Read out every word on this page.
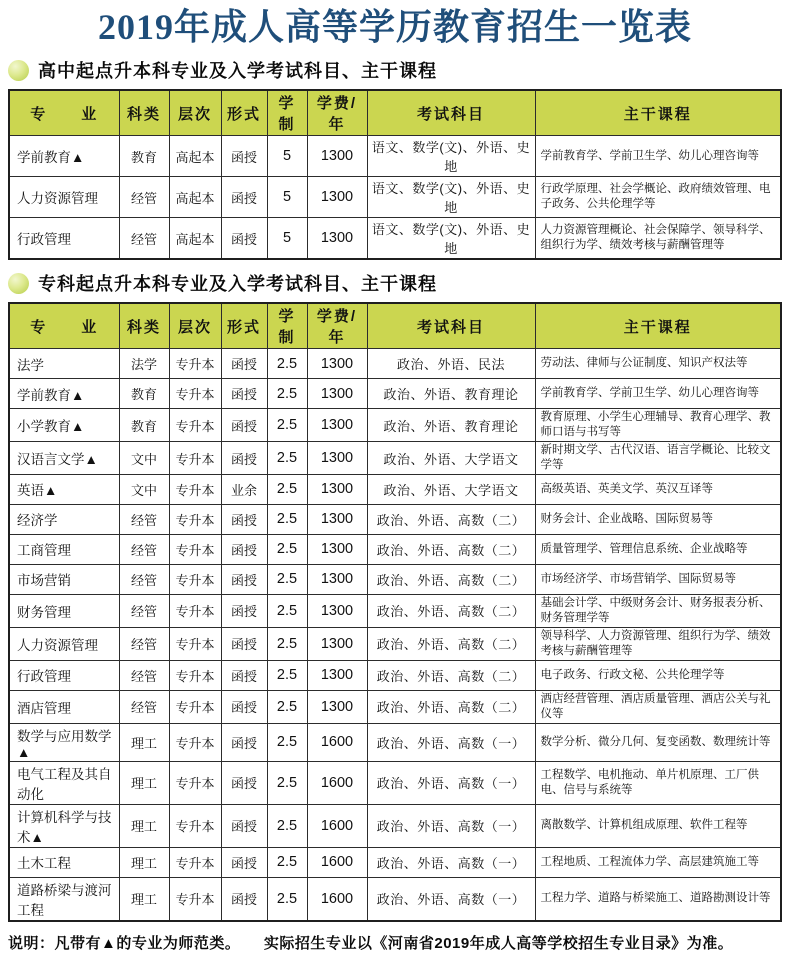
2019年成人高等学历教育招生一览表
高中起点升本科专业及入学考试科目、主干课程
专　　业	科类	层次	形式	学制	学费/年	考试科目	主干课程
学前教育▲	教育	高起本	函授	5	1300	语文、数学(文)、外语、史地	学前教育学、学前卫生学、幼儿心理咨询等
人力资源管理	经管	高起本	函授	5	1300	语文、数学(文)、外语、史地	行政学原理、社会学概论、政府绩效管理、电子政务、公共伦理学等
行政管理	经管	高起本	函授	5	1300	语文、数学(文)、外语、史地	人力资源管理概论、社会保障学、领导科学、组织行为学、绩效考核与薪酬管理等
专科起点升本科专业及入学考试科目、主干课程
专　　业	科类	层次	形式	学制	学费/年	考试科目	主干课程
法学	法学	专升本	函授	2.5	1300	政治、外语、民法	劳动法、律师与公证制度、知识产权法等
学前教育▲	教育	专升本	函授	2.5	1300	政治、外语、教育理论	学前教育学、学前卫生学、幼儿心理咨询等
小学教育▲	教育	专升本	函授	2.5	1300	政治、外语、教育理论	教育原理、小学生心理辅导、教育心理学、教师口语与书写等
汉语言文学▲	文中	专升本	函授	2.5	1300	政治、外语、大学语文	新时期文学、古代汉语、语言学概论、比较文学等
英语▲	文中	专升本	业余	2.5	1300	政治、外语、大学语文	高级英语、英美文学、英汉互译等
经济学	经管	专升本	函授	2.5	1300	政治、外语、高数（二）	财务会计、企业战略、国际贸易等
工商管理	经管	专升本	函授	2.5	1300	政治、外语、高数（二）	质量管理学、管理信息系统、企业战略等
市场营销	经管	专升本	函授	2.5	1300	政治、外语、高数（二）	市场经济学、市场营销学、国际贸易等
财务管理	经管	专升本	函授	2.5	1300	政治、外语、高数（二）	基础会计学、中级财务会计、财务报表分析、财务管理学等
人力资源管理	经管	专升本	函授	2.5	1300	政治、外语、高数（二）	领导科学、人力资源管理、组织行为学、绩效考核与薪酬管理等
行政管理	经管	专升本	函授	2.5	1300	政治、外语、高数（二）	电子政务、行政文秘、公共伦理学等
酒店管理	经管	专升本	函授	2.5	1300	政治、外语、高数（二）	酒店经营管理、酒店质量管理、酒店公关与礼仪等
数学与应用数学▲	理工	专升本	函授	2.5	1600	政治、外语、高数（一）	数学分析、微分几何、复变函数、数理统计等
电气工程及其自动化	理工	专升本	函授	2.5	1600	政治、外语、高数（一）	工程数学、电机拖动、单片机原理、工厂供电、信号与系统等
计算机科学与技术▲	理工	专升本	函授	2.5	1600	政治、外语、高数（一）	离散数学、计算机组成原理、软件工程等
土木工程	理工	专升本	函授	2.5	1600	政治、外语、高数（一）	工程地质、工程流体力学、高层建筑施工等
道路桥梁与渡河工程	理工	专升本	函授	2.5	1600	政治、外语、高数（一）	工程力学、道路与桥梁施工、道路勘测设计等
说明：凡带有▲的专业为师范类。　　实际招生专业以《河南省2019年成人高等学校招生专业目录》为准。
